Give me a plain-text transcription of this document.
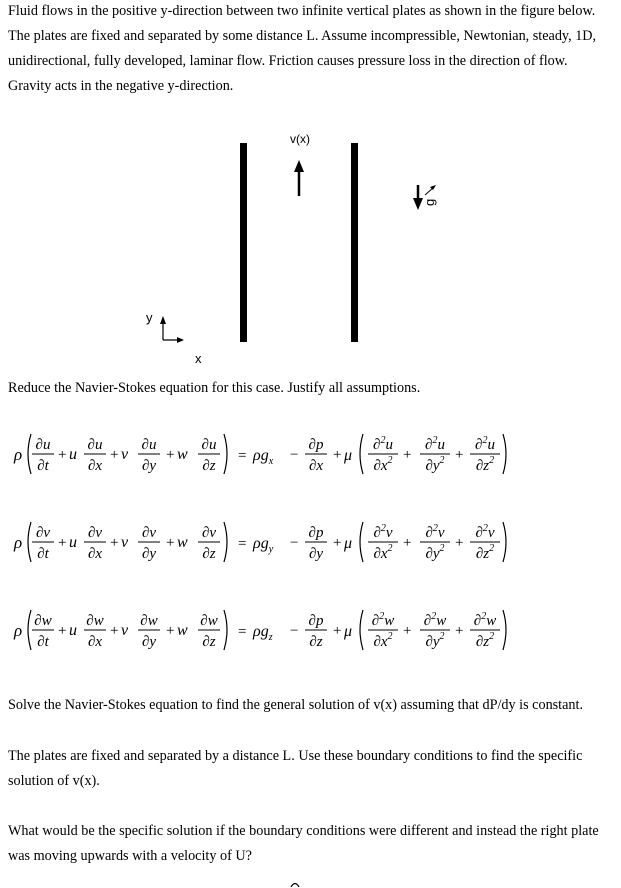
Fluid flows in the positive y-direction between two infinite vertical plates as shown in the figure below. The plates are fixed and separated by some distance L. Assume incompressible, Newtonian, steady, 1D, unidirectional, fully developed, laminar flow. Friction causes pressure loss in the direction of flow. Gravity acts in the negative y-direction.

v(x)
g
y
x

Reduce the Navier-Stokes equation for this case. Justify all assumptions.

ρ ∂u
∂t
+ u
∂u
∂x
+ v
∂u
∂y
+ w
∂u
∂z
= $\rho g_x$ −
∂p
∂x
+ μ
∂$^2$u
$\partial x^2$ +
∂$^2$u
$\partial y^2$ +
∂$^2$u
$\partial z^2$
ρ ∂v
∂t
+ u
∂v
∂x
+ v
∂v
∂y
+ w
∂v
∂z
= $\rho g_y$ −
∂p
∂y
+ μ
∂$^2$v
$\partial x^2$ +
∂$^2$v
$\partial y^2$ +
∂$^2$v
$\partial z^2$
ρ ∂w
∂t
+ u
∂w
∂x
+ v
∂w
∂y
+ w
∂w
∂z
= $\rho g_z$ −
∂p
∂z
+ μ
∂$^2$w
$\partial x^2$ +
∂$^2$w
$\partial y^2$ +
∂$^2$w
$\partial z^2$

Solve the Navier-Stokes equation to find the general solution of v(x) assuming that dP/dy is constant.

The plates are fixed and separated by a distance L. Use these boundary conditions to find the specific solution of v(x).

What would be the specific solution if the boundary conditions were different and instead the right plate was moving upwards with a velocity of U?
